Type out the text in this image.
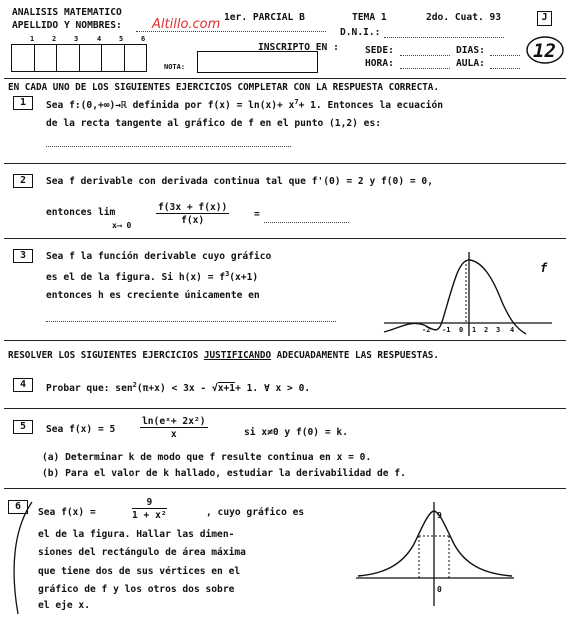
ANALISIS MATEMATICO
APELLIDO Y NOMBRES: Altillo.com 1er. PARCIAL B	TEMA 1	2do. Cuat. 93	J
D.N.I.:
1	2	3	4	5	6
NOTA:
INSCRIPTO EN :	SEDE:	DIAS:
HORA:	AULA:
12
EN CADA UNO DE LOS SIGUIENTES EJERCICIOS COMPLETAR CON LA RESPUESTA CORRECTA.
1	Sea f:(0,+∞)→ℝ definida por $f(x) = \ln(x)+ x^7+ 1$. Entonces la ecuación
de la recta tangente al gráfico de f en el punto (1,2) es:
2	Sea f derivable con derivada continua tal que f'(0) = 2 y f(0) = 0,
entonces lim
x⟶ 0	$\frac{f(3x + f(x))}{f(x)}$	=
3	Sea f la función derivable cuyo gráfico
es el de la figura. Si $h(x) = f^3(x+1)$
entonces h es creciente únicamente en
f
-2 -1 0 1 2 3 4
RESOLVER LOS SIGUIENTES EJERCICIOS JUSTIFICANDO ADECUADAMENTE LAS RESPUESTAS.
4	Probar que: sen$^2$(π+x) < 3x - √x+1+ 1. ∀ x > 0.
5	Sea f(x) = 5	$\frac{\text{ln(eˣ+ 2x²)}}{x}$	si x≠0 y f(0) = k.
(a) Determinar k de modo que f resulte continua en x = 0.
(b) Para el valor de k hallado, estudiar la derivabilidad de f.
6
Sea f(x) =	$\frac{9}{\text{1 + x²}}$	, cuyo gráfico es
el de la figura. Hallar las dimen-
siones del rectángulo de área máxima
que tiene dos de sus vértices en el
gráfico de f y los otros dos sobre
el eje x.
9
0
